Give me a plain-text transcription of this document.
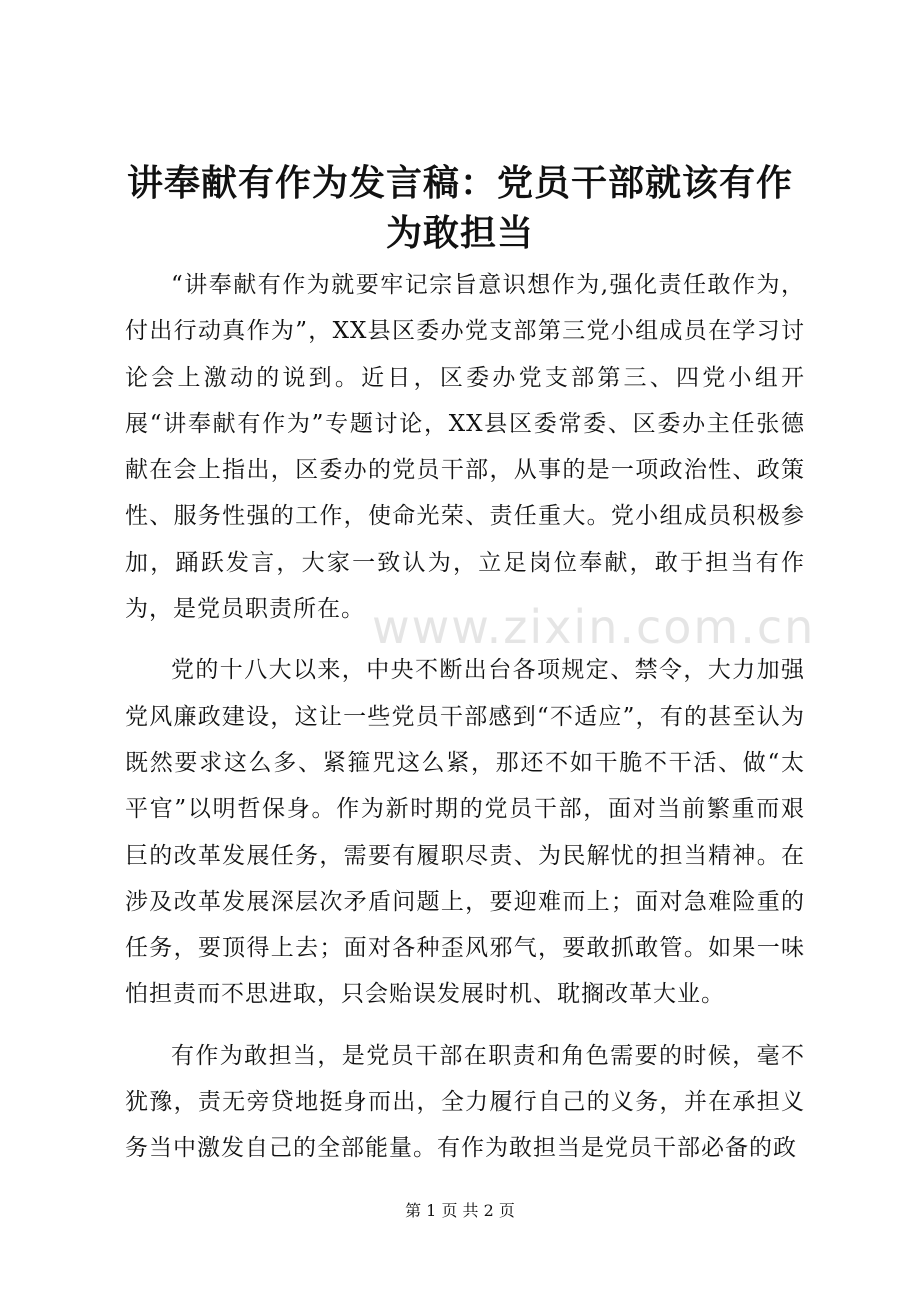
讲奉献有作为发言稿：党员干部就该有作为敢担当

“讲奉献有作为就要牢记宗旨意识想作为,强化责任敢作为，付出行动真作为”，XX县区委办党支部第三党小组成员在学习讨论会上激动的说到。近日，区委办党支部第三、四党小组开展“讲奉献有作为”专题讨论，XX县区委常委、区委办主任张德献在会上指出，区委办的党员干部，从事的是一项政治性、政策性、服务性强的工作，使命光荣、责任重大。党小组成员积极参加，踊跃发言，大家一致认为，立足岗位奉献，敢于担当有作为，是党员职责所在。

党的十八大以来，中央不断出台各项规定、禁令，大力加强党风廉政建设，这让一些党员干部感到“不适应”，有的甚至认为既然要求这么多、紧箍咒这么紧，那还不如干脆不干活、做“太平官”以明哲保身。作为新时期的党员干部，面对当前繁重而艰巨的改革发展任务，需要有履职尽责、为民解忧的担当精神。在涉及改革发展深层次矛盾问题上，要迎难而上；面对急难险重的任务，要顶得上去；面对各种歪风邪气，要敢抓敢管。如果一味怕担责而不思进取，只会贻误发展时机、耽搁改革大业。

有作为敢担当，是党员干部在职责和角色需要的时候，毫不犹豫，责无旁贷地挺身而出，全力履行自己的义务，并在承担义务当中激发自己的全部能量。有作为敢担当是党员干部必备的政

www.zixin.com.cn
第 1 页 共 2 页
